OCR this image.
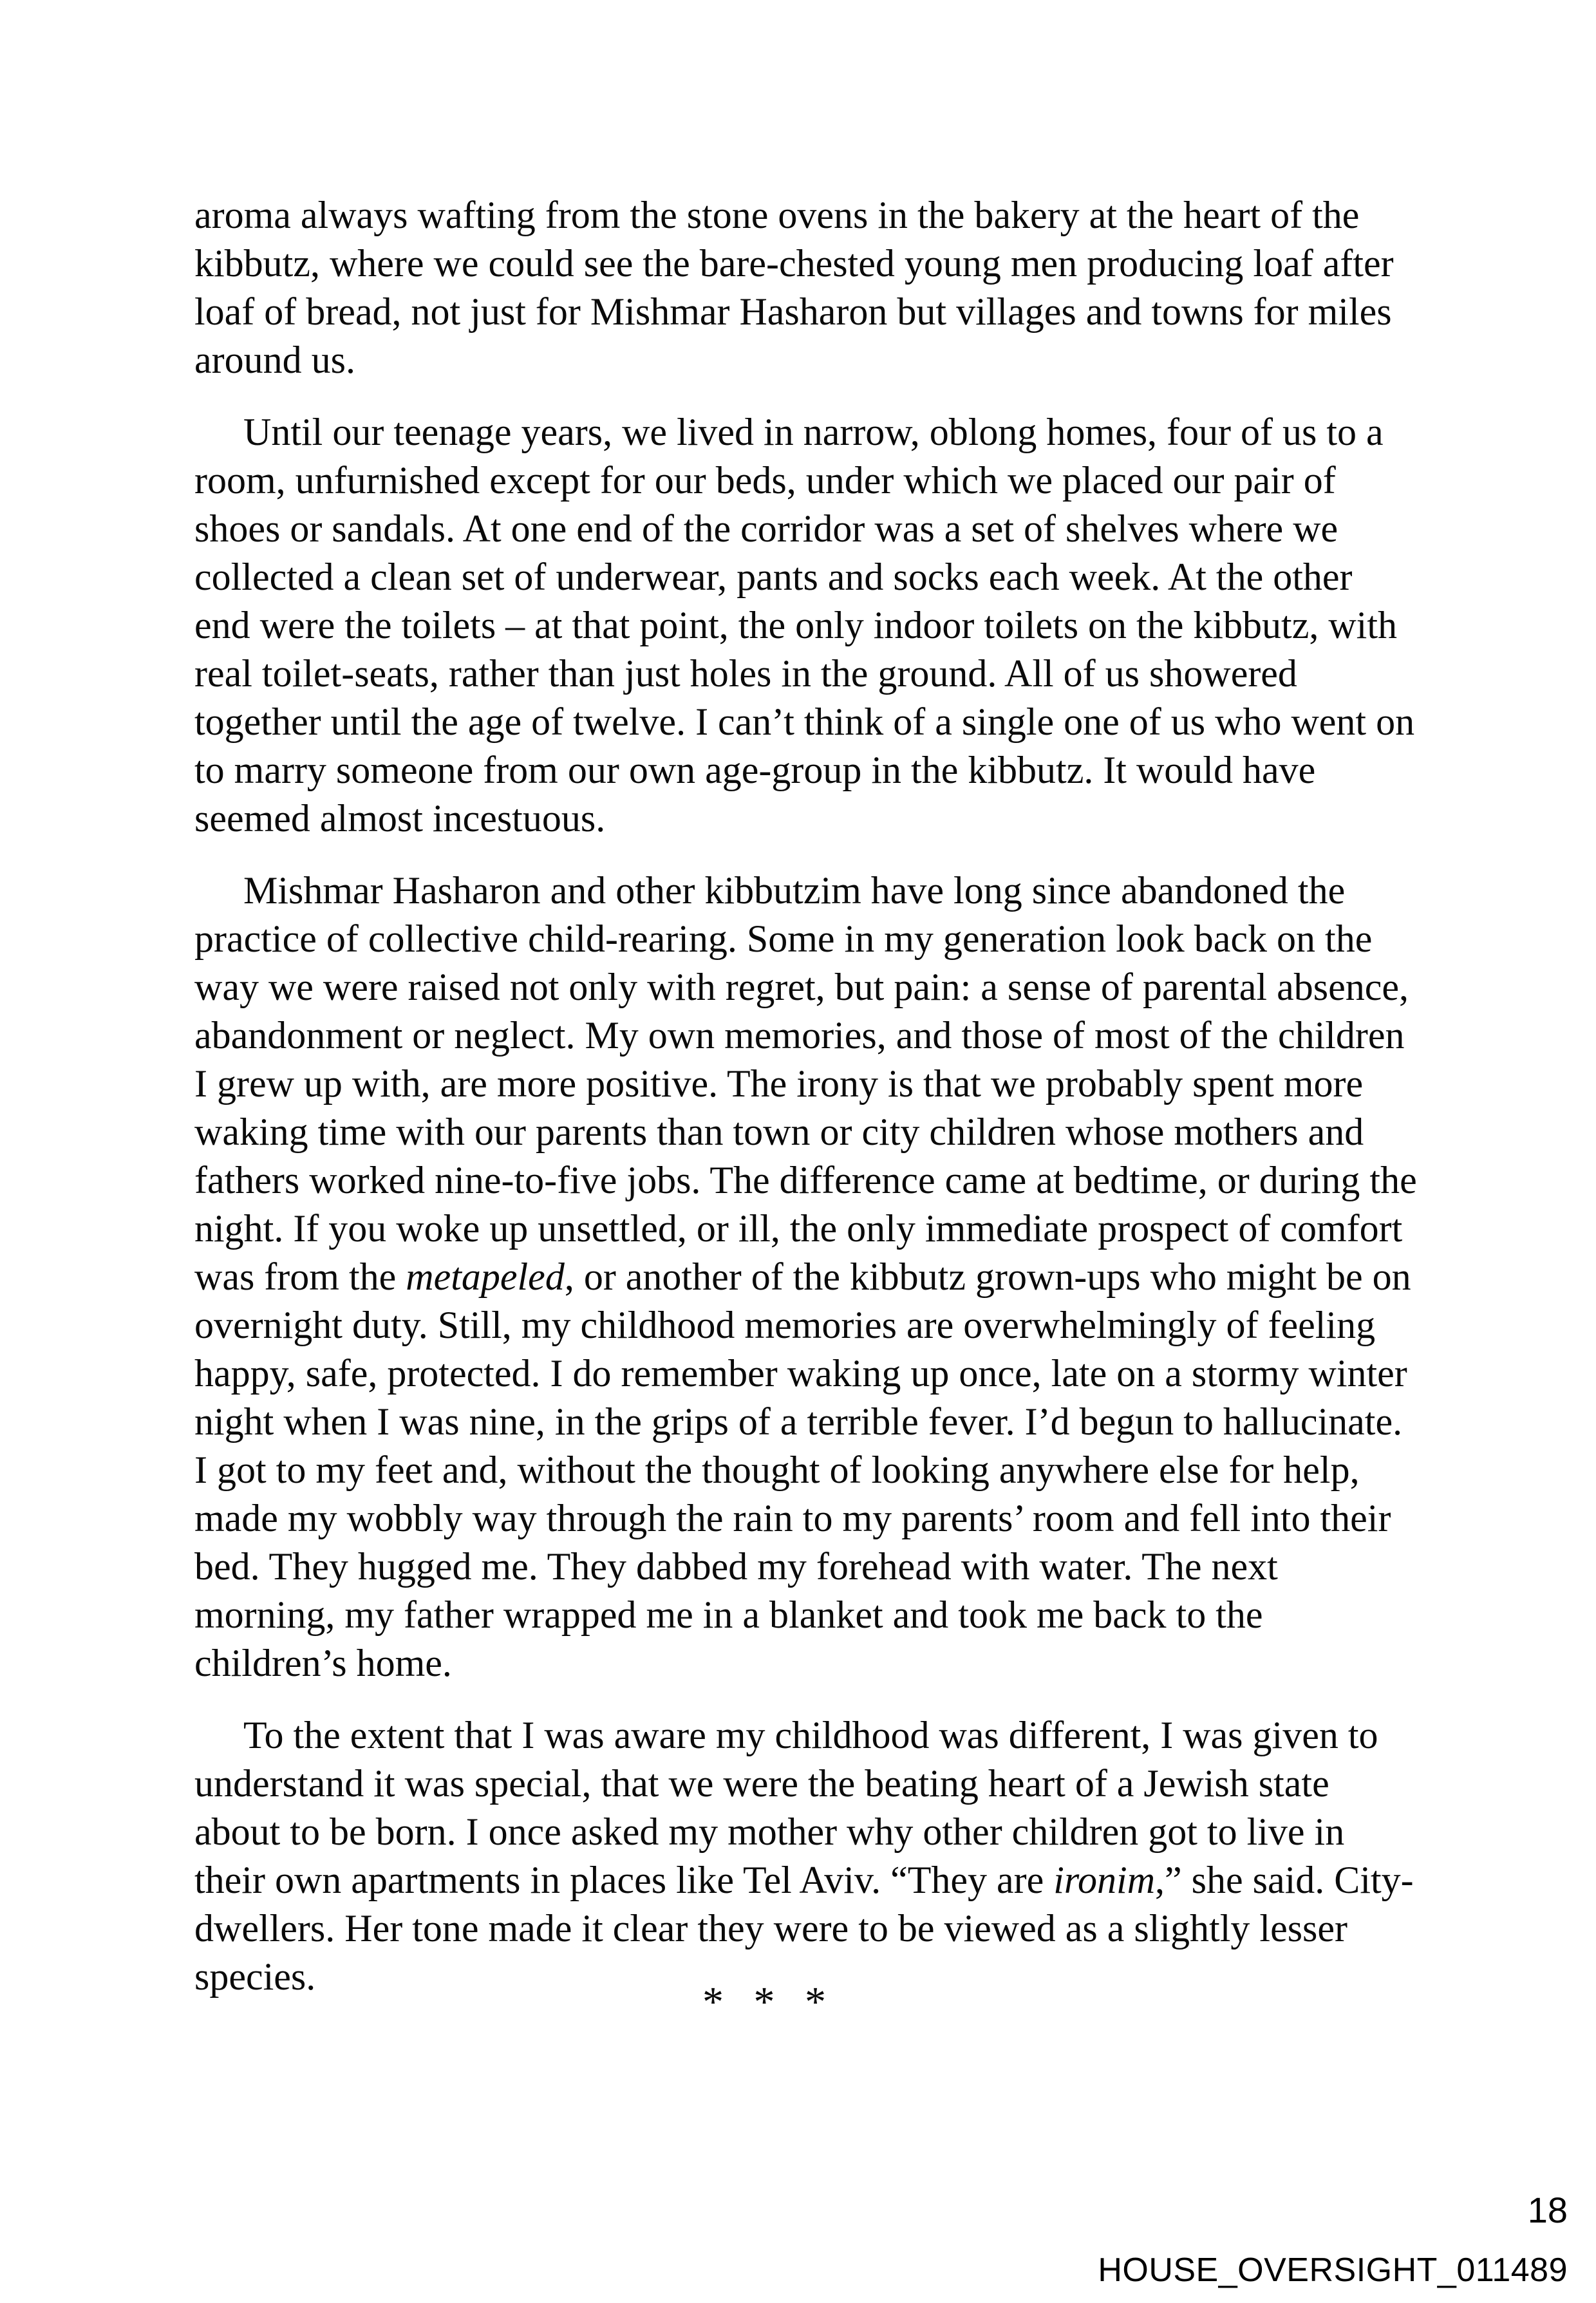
aroma always wafting from the stone ovens in the bakery at the heart of the kibbutz, where we could see the bare-chested young men producing loaf after loaf of bread, not just for Mishmar Hasharon but villages and towns for miles around us.

Until our teenage years, we lived in narrow, oblong homes, four of us to a room, unfurnished except for our beds, under which we placed our pair of shoes or sandals. At one end of the corridor was a set of shelves where we collected a clean set of underwear, pants and socks each week. At the other end were the toilets – at that point, the only indoor toilets on the kibbutz, with real toilet-seats, rather than just holes in the ground. All of us showered together until the age of twelve. I can’t think of a single one of us who went on to marry someone from our own age-group in the kibbutz. It would have seemed almost incestuous.

Mishmar Hasharon and other kibbutzim have long since abandoned the practice of collective child-rearing. Some in my generation look back on the way we were raised not only with regret, but pain: a sense of parental absence, abandonment or neglect. My own memories, and those of most of the children I grew up with, are more positive. The irony is that we probably spent more waking time with our parents than town or city children whose mothers and fathers worked nine-to-five jobs. The difference came at bedtime, or during the night. If you woke up unsettled, or ill, the only immediate prospect of comfort was from the metapeled, or another of the kibbutz grown-ups who might be on overnight duty. Still, my childhood memories are overwhelmingly of feeling happy, safe, protected. I do remember waking up once, late on a stormy winter night when I was nine, in the grips of a terrible fever. I’d begun to hallucinate. I got to my feet and, without the thought of looking anywhere else for help, made my wobbly way through the rain to my parents’ room and fell into their bed. They hugged me. They dabbed my forehead with water. The next morning, my father wrapped me in a blanket and took me back to the children’s home.

To the extent that I was aware my childhood was different, I was given to understand it was special, that we were the beating heart of a Jewish state about to be born. I once asked my mother why other children got to live in their own apartments in places like Tel Aviv. “They are ironim,” she said. City-dwellers. Her tone made it clear they were to be viewed as a slightly lesser species.

* * *
18
HOUSE_OVERSIGHT_011489
